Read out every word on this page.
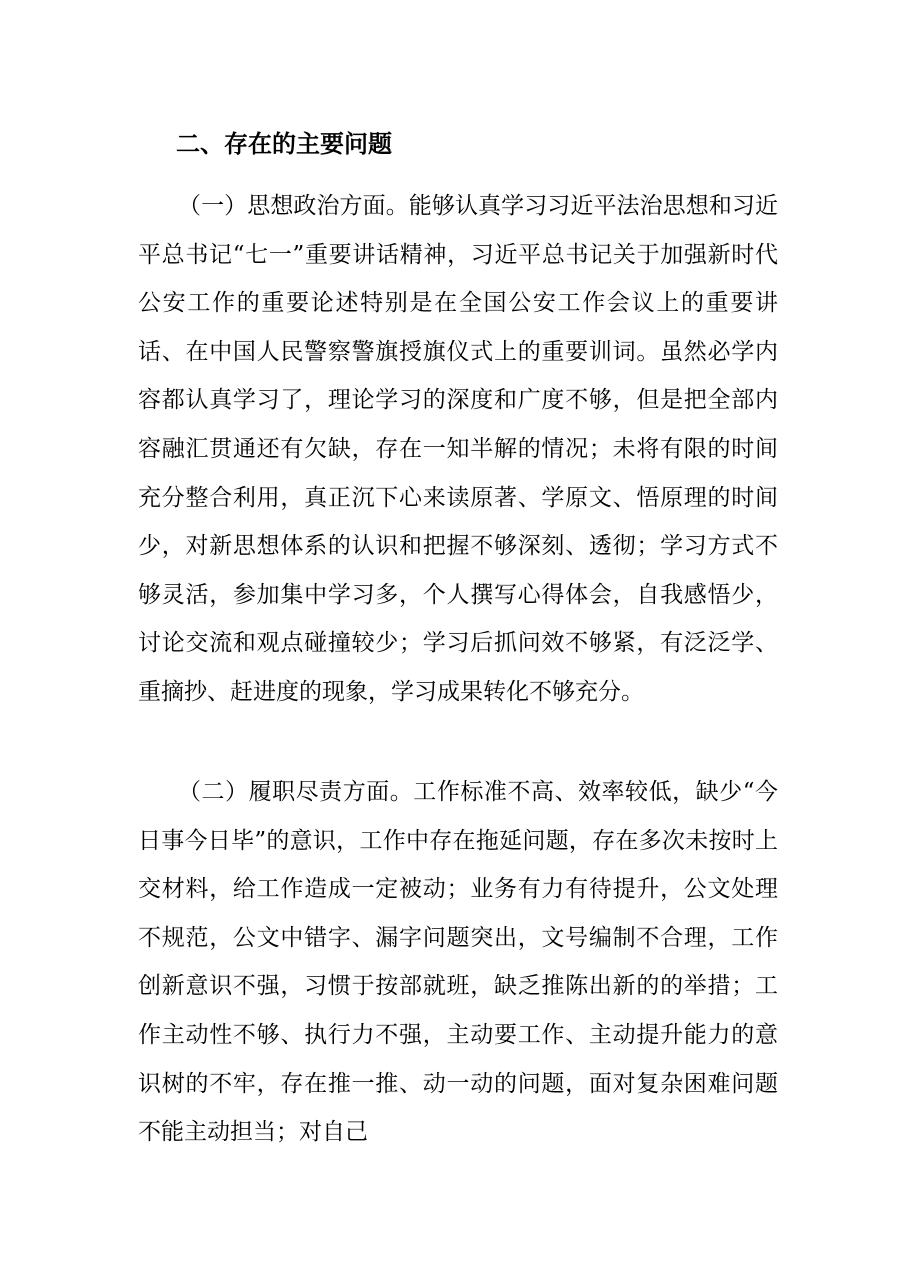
二、存在的主要问题

（一）思想政治方面。能够认真学习习近平法治思想和习近平总书记“七一”重要讲话精神，习近平总书记关于加强新时代公安工作的重要论述特别是在全国公安工作会议上的重要讲话、在中国人民警察警旗授旗仪式上的重要训词。虽然必学内容都认真学习了，理论学习的深度和广度不够，但是把全部内容融汇贯通还有欠缺，存在一知半解的情况；未将有限的时间充分整合利用，真正沉下心来读原著、学原文、悟原理的时间少，对新思想体系的认识和把握不够深刻、透彻；学习方式不够灵活，参加集中学习多，个人撰写心得体会，自我感悟少，讨论交流和观点碰撞较少；学习后抓问效不够紧，有泛泛学、重摘抄、赶进度的现象，学习成果转化不够充分。

（二）履职尽责方面。工作标准不高、效率较低，缺少“今日事今日毕”的意识，工作中存在拖延问题，存在多次未按时上交材料，给工作造成一定被动；业务有力有待提升，公文处理不规范，公文中错字、漏字问题突出，文号编制不合理，工作创新意识不强，习惯于按部就班，缺乏推陈出新的的举措；工作主动性不够、执行力不强，主动要工作、主动提升能力的意识树的不牢，存在推一推、动一动的问题，面对复杂困难问题不能主动担当；对自己
